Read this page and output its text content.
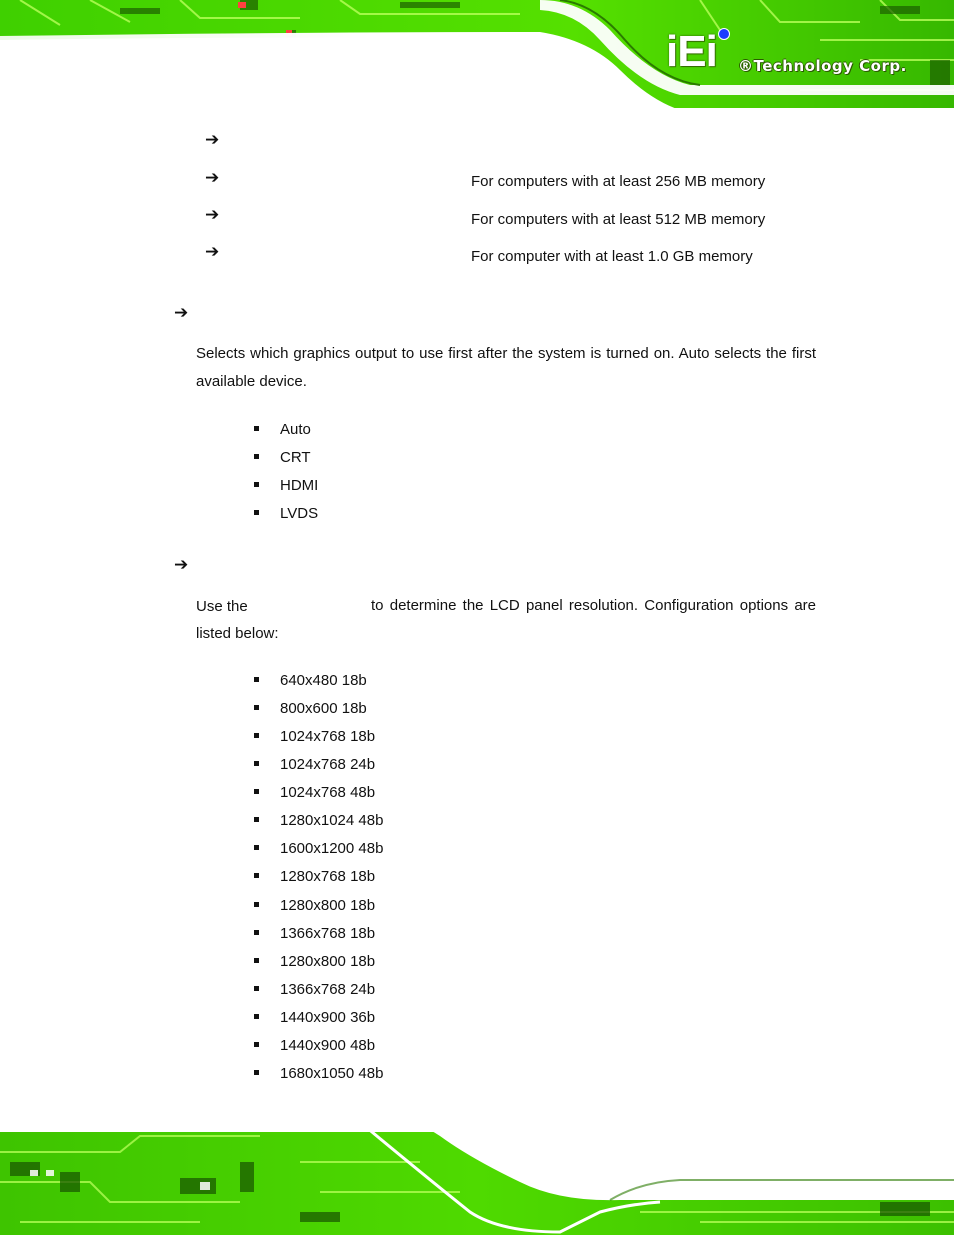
iEi ®Technology Corp.
➔
➔	For computers with at least 256 MB memory
➔	For computers with at least 512 MB memory
➔	For computer with at least 1.0 GB memory
➔

Selects which graphics output to use first after the system is turned on. Auto selects the first available device.

Auto
CRT
HDMI
LVDS
➔
Use the	to determine the LCD panel resolution. Configuration options are listed below:

640x480 18b
800x600 18b
1024x768 18b
1024x768 24b
1024x768 48b
1280x1024 48b
1600x1200 48b
1280x768 18b
1280x800 18b
1366x768 18b
1280x800 18b
1366x768 24b
1440x900 36b
1440x900 48b
1680x1050 48b
